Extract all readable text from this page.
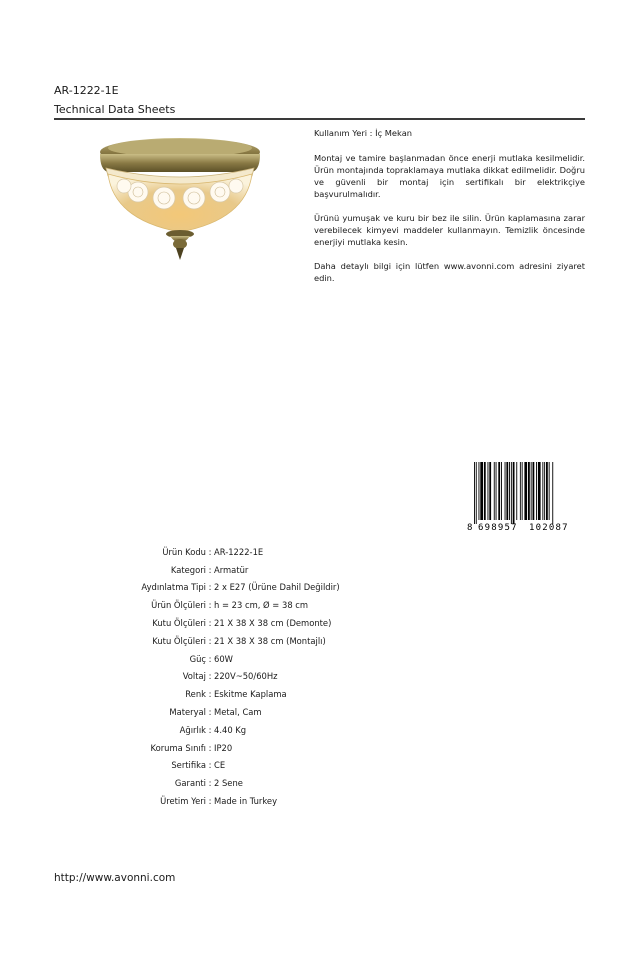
AR-1222-1E
Technical Data Sheets

Kullanım Yeri : İç Mekan

Montaj ve tamire başlanmadan önce enerji mutlaka kesilmelidir. Ürün montajında topraklamaya mutlaka dikkat edilmelidir. Doğru ve güvenli bir montaj için sertifikalı bir elektrikçiye başvurulmalıdır.

Ürünü yumuşak ve kuru bir bez ile silin. Ürün kaplamasına zarar verebilecek kimyevi maddeler kullanmayın. Temizlik öncesinde enerjiyi mutlaka kesin.

Daha detaylı bilgi için lütfen www.avonni.com adresini ziyaret edin.

8 698957 102087
Ürün Kodu : AR-1222-1E
Kategori : Armatür
Aydınlatma Tipi : 2 x E27 (Ürüne Dahil Değildir)
Ürün Ölçüleri : h = 23 cm, Ø = 38 cm
Kutu Ölçüleri : 21 X 38 X 38 cm (Demonte)
Kutu Ölçüleri : 21 X 38 X 38 cm (Montajlı)
Güç : 60W
Voltaj : 220V~50/60Hz
Renk : Eskitme Kaplama
Materyal : Metal, Cam
Ağırlık : 4.40 Kg
Koruma Sınıfı : IP20
Sertifika : CE
Garanti : 2 Sene
Üretim Yeri : Made in Turkey
http://www.avonni.com
